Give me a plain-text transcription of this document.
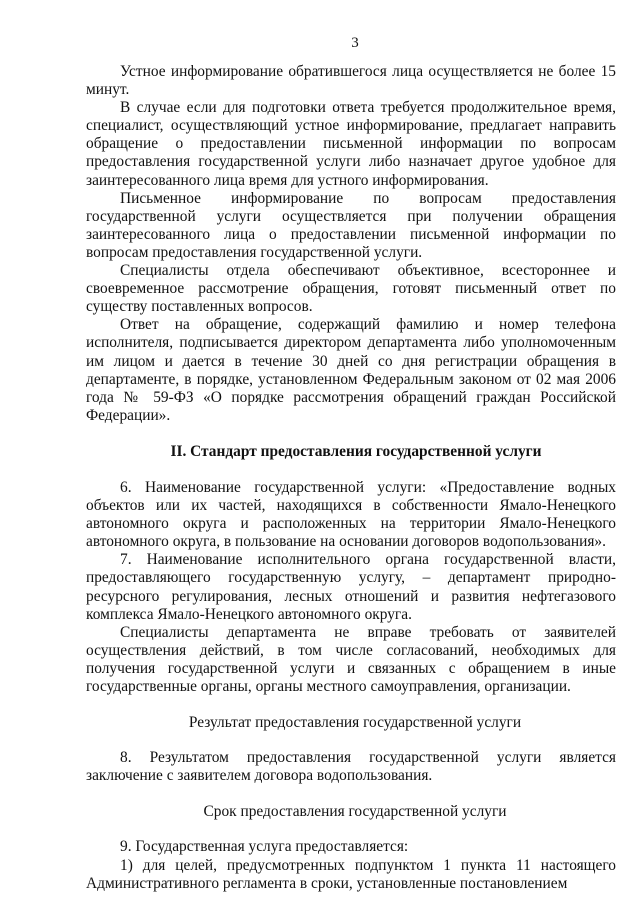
3

Устное информирование обратившегося лица осуществляется не более 15 минут.

В случае если для подготовки ответа требуется продолжительное время, специалист, осуществляющий устное информирование, предлагает направить обращение о предоставлении письменной информации по вопросам предоставления государственной услуги либо назначает другое удобное для заинтересованного лица время для устного информирования.

Письменное информирование по вопросам предоставления государственной услуги осуществляется при получении обращения заинтересованного лица о предоставлении письменной информации по вопросам предоставления государственной услуги.

Специалисты отдела обеспечивают объективное, всестороннее и своевременное рассмотрение обращения, готовят письменный ответ по существу поставленных вопросов.

Ответ на обращение, содержащий фамилию и номер телефона исполнителя, подписывается директором департамента либо уполномоченным им лицом и дается в течение 30 дней со дня регистрации обращения в департаменте, в порядке, установленном Федеральным законом от 02 мая 2006 года № 59-ФЗ «О порядке рассмотрения обращений граждан Российской Федерации».

II. Стандарт предоставления государственной услуги

6. Наименование государственной услуги: «Предоставление водных объектов или их частей, находящихся в собственности Ямало-Ненецкого автономного округа и расположенных на территории Ямало-Ненецкого автономного округа, в пользование на основании договоров водопользования».

7. Наименование исполнительного органа государственной власти, предоставляющего государственную услугу, – департамент природно-ресурсного регулирования, лесных отношений и развития нефтегазового комплекса Ямало-Ненецкого автономного округа.

Специалисты департамента не вправе требовать от заявителей осуществления действий, в том числе согласований, необходимых для получения государственной услуги и связанных с обращением в иные государственные органы, органы местного самоуправления, организации.

Результат предоставления государственной услуги

8. Результатом предоставления государственной услуги является заключение с заявителем договора водопользования.

Срок предоставления государственной услуги

9. Государственная услуга предоставляется:

1) для целей, предусмотренных подпунктом 1 пункта 11 настоящего Административного регламента в сроки, установленные постановлением
